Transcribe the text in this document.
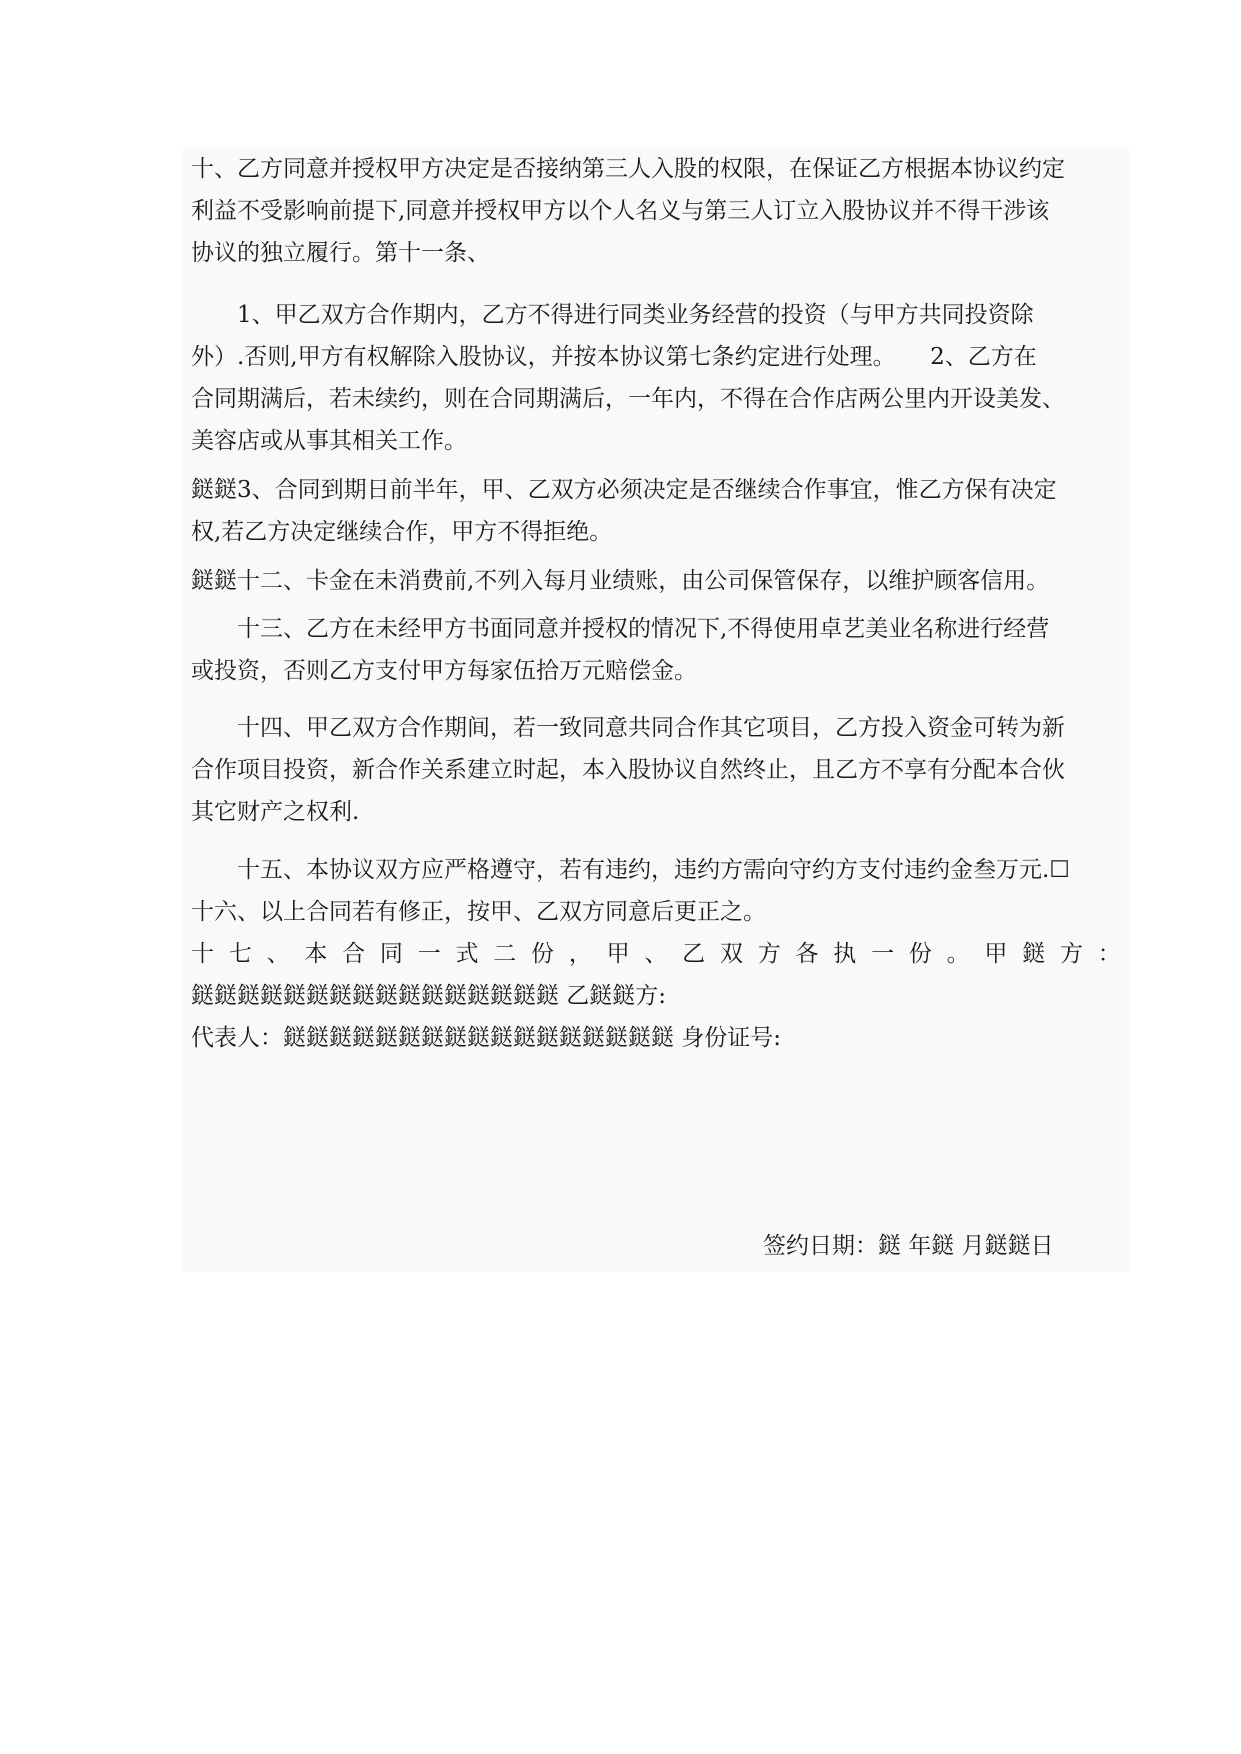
十、乙方同意并授权甲方决定是否接纳第三人入股的权限，在保证乙方根据本协议约定
利益不受影响前提下,同意并授权甲方以个人名义与第三人订立入股协议并不得干涉该
协议的独立履行。第十一条、
　　1、甲乙双方合作期内，乙方不得进行同类业务经营的投资（与甲方共同投资除
外）.否则,甲方有权解除入股协议，并按本协议第七条约定进行处理。　　2、乙方在
合同期满后，若未续约，则在合同期满后，一年内，不得在合作店两公里内开设美发、
美容店或从事其相关工作。
鎹鎹3、合同到期日前半年，甲、乙双方必须决定是否继续合作事宜，惟乙方保有决定
权,若乙方决定继续合作，甲方不得拒绝。
鎹鎹十二、卡金在未消费前,不列入每月业绩账，由公司保管保存，以维护顾客信用。
　　十三、乙方在未经甲方书面同意并授权的情况下,不得使用卓艺美业名称进行经营
或投资，否则乙方支付甲方每家伍拾万元赔偿金。
　　十四、甲乙双方合作期间，若一致同意共同合作其它项目，乙方投入资金可转为新
合作项目投资，新合作关系建立时起，本入股协议自然终止，且乙方不享有分配本合伙
其它财产之权利.
　　十五、本协议双方应严格遵守，若有违约，违约方需向守约方支付违约金叁万元.☐
十六、以上合同若有修正，按甲、乙双方同意后更正之。
十 七 、 本 合 同 一 式 二 份 ， 甲 、 乙 双 方 各 执 一 份 。 甲 鎹 方 ：
鎹鎹鎹鎹鎹鎹鎹鎹鎹鎹鎹鎹鎹鎹鎹鎹 乙鎹鎹方:
代表人：鎹鎹鎹鎹鎹鎹鎹鎹鎹鎹鎹鎹鎹鎹鎹鎹鎹 身份证号:
签约日期：鎹 年鎹 月鎹鎹日
